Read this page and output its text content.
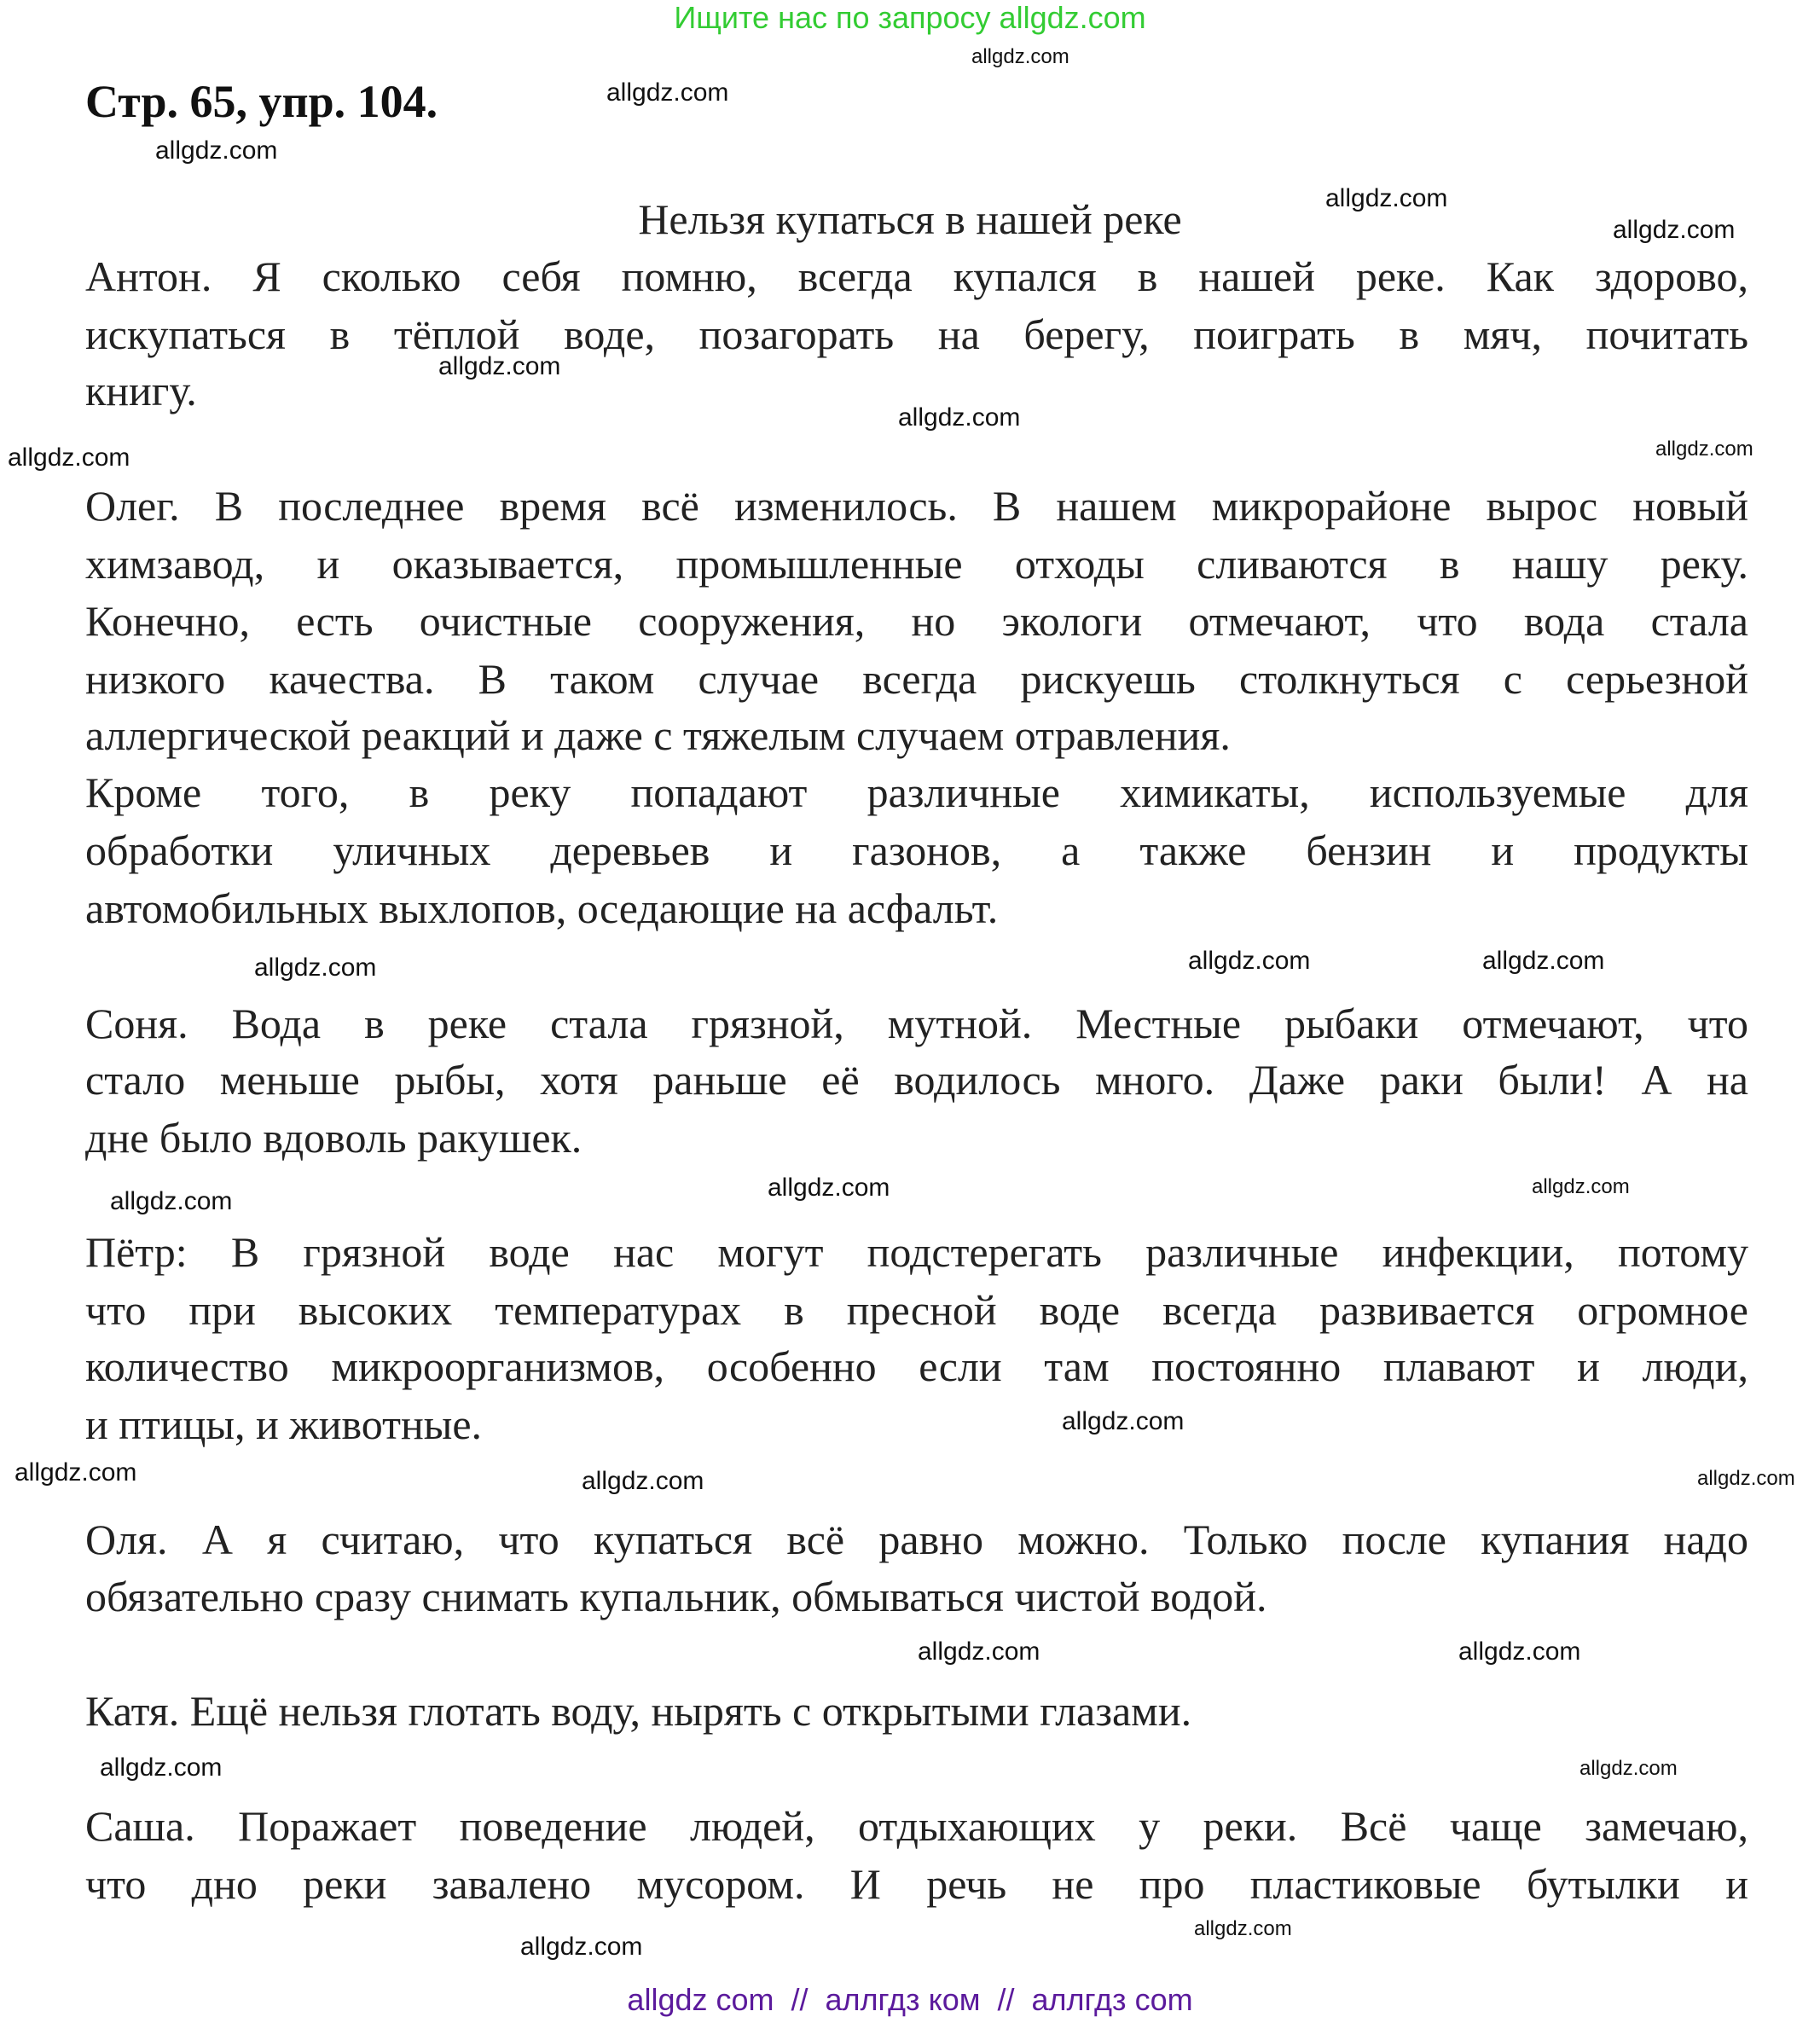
Ищите нас по запросу allgdz.com
Стр. 65, упр. 104.
Нельзя купаться в нашей реке
Антон. Я сколько себя помню, всегда купался в нашей реке. Как здорово,
искупаться в тёплой воде, позагорать на берегу, поиграть в мяч, почитать
книгу.
Олег. В последнее время всё изменилось. В нашем микрорайоне вырос новый
химзавод, и оказывается, промышленные отходы сливаются в нашу реку.
Конечно, есть очистные сооружения, но экологи отмечают, что вода стала
низкого качества. В таком случае всегда рискуешь столкнуться с серьезной
аллергической реакций и даже с тяжелым случаем отравления.
Кроме того, в реку попадают различные химикаты, используемые для
обработки уличных деревьев и газонов, а также бензин и продукты
автомобильных выхлопов, оседающие на асфальт.
Соня. Вода в реке стала грязной, мутной. Местные рыбаки отмечают, что
стало меньше рыбы, хотя раньше её водилось много. Даже раки были! А на
дне было вдоволь ракушек.
Пётр: В грязной воде нас могут подстерегать различные инфекции, потому
что при высоких температурах в пресной воде всегда развивается огромное
количество микроорганизмов, особенно если там постоянно плавают и люди,
и птицы, и животные.
Оля. А я считаю, что купаться всё равно можно. Только после купания надо
обязательно сразу снимать купальник, обмываться чистой водой.
Катя. Ещё нельзя глотать воду, нырять с открытыми глазами.
Саша. Поражает поведение людей, отдыхающих у реки. Всё чаще замечаю,
что дно реки завалено мусором. И речь не про пластиковые бутылки и
allgdz.com
allgdz.com
allgdz.com
allgdz.com
allgdz.com
allgdz.com
allgdz.com
allgdz.com	allgdz.com
allgdz.com
allgdz.com
allgdz.com
allgdz.com	allgdz.com
allgdz.com
allgdz.com
allgdz.com
allgdz.com	allgdz.com
allgdz.com
allgdz.com
allgdz.com	allgdz.com
allgdz.com
allgdz.com
allgdz com  //  аллгдз ком  //  аллгдз com
